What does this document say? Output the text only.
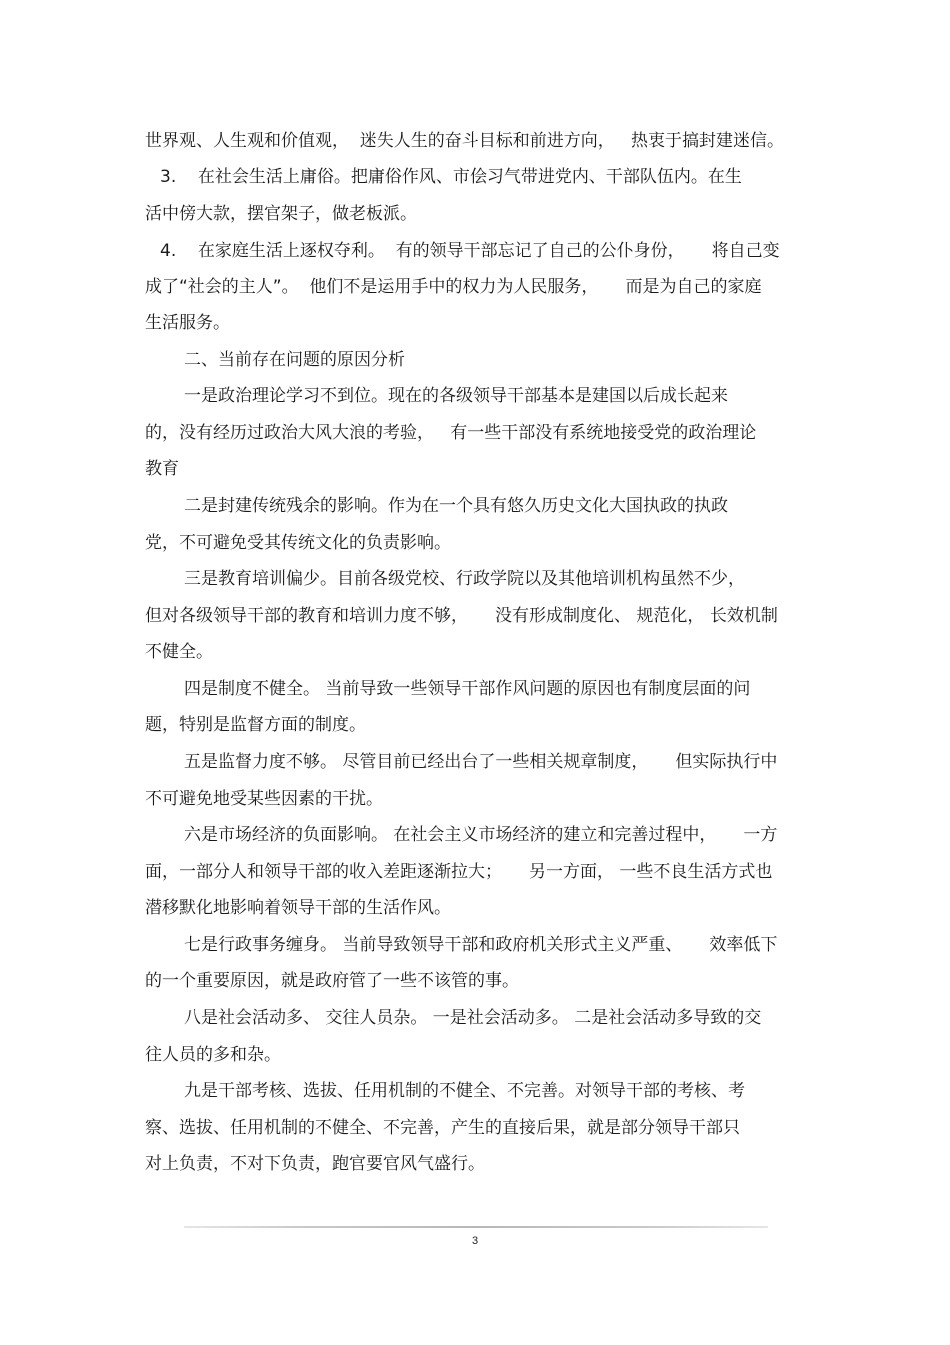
世界观、人生观和价值观，  迷失人生的奋斗目标和前进方向，   热衷于搞封建迷信。
3.    在社会生活上庸俗。把庸俗作风、市侩习气带进党内、干部队伍内。在生
活中傍大款，摆官架子，做老板派。
4.    在家庭生活上逐权夺利。  有的领导干部忘记了自己的公仆身份，     将自己变
成了“社会的主人”。  他们不是运用手中的权力为人民服务，     而是为自己的家庭
生活服务。
二、当前存在问题的原因分析
一是政治理论学习不到位。现在的各级领导干部基本是建国以后成长起来
的，没有经历过政治大风大浪的考验，   有一些干部没有系统地接受党的政治理论
教育
二是封建传统残余的影响。作为在一个具有悠久历史文化大国执政的执政
党，不可避免受其传统文化的负责影响。
三是教育培训偏少。目前各级党校、行政学院以及其他培训机构虽然不少，
但对各级领导干部的教育和培训力度不够，     没有形成制度化、 规范化， 长效机制
不健全。
四是制度不健全。 当前导致一些领导干部作风问题的原因也有制度层面的问
题，特别是监督方面的制度。
五是监督力度不够。 尽管目前已经出台了一些相关规章制度，     但实际执行中
不可避免地受某些因素的干扰。
六是市场经济的负面影响。 在社会主义市场经济的建立和完善过程中，     一方
面，一部分人和领导干部的收入差距逐渐拉大；     另一方面， 一些不良生活方式也
潜移默化地影响着领导干部的生活作风。
七是行政事务缠身。 当前导致领导干部和政府机关形式主义严重、     效率低下
的一个重要原因，就是政府管了一些不该管的事。
八是社会活动多、 交往人员杂。 一是社会活动多。 二是社会活动多导致的交
往人员的多和杂。
九是干部考核、选拔、任用机制的不健全、不完善。对领导干部的考核、考
察、选拔、任用机制的不健全、不完善，产生的直接后果，就是部分领导干部只
对上负责，不对下负责，跑官要官风气盛行。
3
